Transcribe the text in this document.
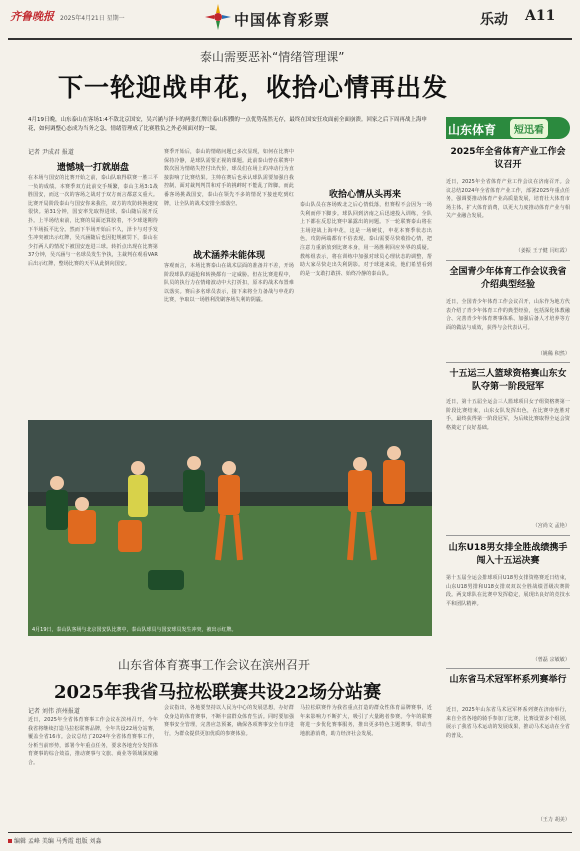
齐鲁晚报 2025年4月21日 星期一	中国体育彩票	乐动 A11
泰山需要恶补“情绪管理课”
下一轮迎战申花，收拾心情再出发
4月19日晚，山东泰山在客场1:4不敌北京国安，吴兴涵与泽卡的两张红牌让泰山积攒的一点优势荡然无存，最终在国安狂攻面前全面崩溃。回家之后下周再战上海申花，如何调整心态成为当务之急，情绪管理成了比赛胜负之外必须面对的一课。
记者 尹成君 报道
遗憾城一打就崩盘
在本场与国安的比赛开始之前，泰山队取得联赛一胜三平一负的成绩。本赛季双方此前交手频繁，泰山主场3:1战胜国安，而这一次的客场之战对于双方而言都意义重大。比赛开局阶段泰山与国安你来我往，双方的攻防转换速度很快。第31分钟，国安率先取得进球，泰山随后展开反扑。上半场结束前，比赛的局面还算胶着，不少球迷期待下半场扳平比分。然而下半场开始后不久，泽卡与对手发生冲突被出示红牌，吴兴涵随后也因犯规被罚下，泰山在少打两人的情况下被国安连进三球。转折点出现在比赛第37分钟，吴兴涵与一名球员发生争执，主裁判在观看VAR后出示红牌，整场比赛的天平从此倒向国安。
赛季开始后，泰山的情绪问题已多次显现，如何在比赛中保持冷静，是球队需要正视的课题。此前泰山曾在联赛中数次因为情绪失控付出代价，球员们在场上的冲动行为直接影响了比赛结果。主帅在赛后也承认球队需要加强自我控制，面对裁判判罚和对手的挑衅时不能乱了阵脚。而此番客场挑战国安，泰山在领先不多的情况下接连吃到红牌，让全队的战术安排全部落空。
战术涵养未能体现
客观而言，本场比赛泰山在战术层面的准备并不差，开场阶段球队的逼抢和转换都有一定威胁。但在比赛进程中，队员的执行力在情绪波动中大打折扣，原本的战术布置难以落实。赛后多名球员表示，接下来将全力备战与申花的比赛，争取以一场胜利洗刷客场失利的阴霾。
收拾心情从头再来
泰山队员在客场败北之后心情低落，但赛程不会因为一场失利而停下脚步。球队回到济南之后迅速投入训练，全队上下都在反思比赛中暴露出的问题。下一轮联赛泰山将在主场迎战上海申花，这是一场硬仗，申花本赛季状态出色，攻防两端都有不俗表现。泰山需要尽快收拾心情，把注意力重新放到比赛本身，用一场胜利回应外界的质疑。教练组表示，将在训练中加强对球员心理状态的调整，帮助大家尽快走出失利阴影。对于球迷来说，他们希望看到的是一支敢打敢拼、始终冷静的泰山队。
4月19日，泰山队客场与北京国安队比赛中，泰山队球员与国安球员发生冲突，被出示红牌。
山东体育	短迅看
2025年全省体育产业工作会议召开
近日，2025年全省体育产业工作会议在济南召开。会议总结2024年全省体育产业工作，部署2025年重点任务，强调要推动体育产业高质量发展，培育壮大体育市场主体，扩大体育消费，以更大力度推动体育产业与相关产业融合发展。
（姜振 王子健 闫红霞）
全国青少年体育工作会议我省介绍典型经验
近日，全国青少年体育工作会议召开，山东作为地方代表介绍了青少年体育工作的典型经验，包括深化体教融合、完善青少年体育赛事体系、加强后备人才培养等方面的做法与成效，获得与会代表认可。
（姚稀 积然）
十五运三人篮球资格赛山东女队夺第一阶段冠军
近日，第十五届全运会三人篮球项目女子组资格赛第一阶段比赛结束，山东女队发挥出色，在比赛中连胜对手，最终获得第一阶段冠军，为后续比赛取得全运会资格奠定了良好基础。
（宫尚文 孟艳）
山东U18男女排全胜战绩携手闯入十五运决赛
第十五届全运会排球项目U18男女排资格赛近日结束，山东U18男排和U18女排双双以全胜战绩晋级决赛阶段。两支球队在比赛中发挥稳定，展现出良好的竞技水平和团队精神。
（曾磊 宗敏敏）
山东省马术冠军杯系列赛举行
近日，2025年山东省马术冠军杯系列赛在济南举行，来自全省各地的骑手参加了比赛，比赛设置多个组别，展示了我省马术运动的发展成果，推动马术运动在全省的普及。
（王力 胡美）
山东省体育赛事工作会议在滨州召开
2025年我省马拉松联赛共设22场分站赛
记者 刘伟 滨州报道
近日，2025年全省体育赛事工作会议在滨州召开，今年我省将继续打造马拉松联赛品牌，全年共设22场分站赛，覆盖全省16市。会议总结了2024年全省体育赛事工作，分析当前形势，部署今年重点任务，要求各地充分发挥体育赛事的综合效益，推动赛事与文旅、商业等领域深度融合。
会议指出，各地要坚持以人民为中心的发展思想，办好群众身边的体育赛事，不断丰富群众体育生活。同时要加强赛事安全管理，完善应急预案，确保各项赛事安全有序进行，为群众提供更加优质的参赛体验。
马拉松联赛作为我省重点打造的群众性体育品牌赛事，近年来影响力不断扩大，吸引了大量跑者参赛。今年的联赛将进一步优化赛事服务，推出更多特色主题赛事，带动当地旅游消费，助力经济社会发展。
编辑 孟峰 美编 马秀霞 组版 刘淼
